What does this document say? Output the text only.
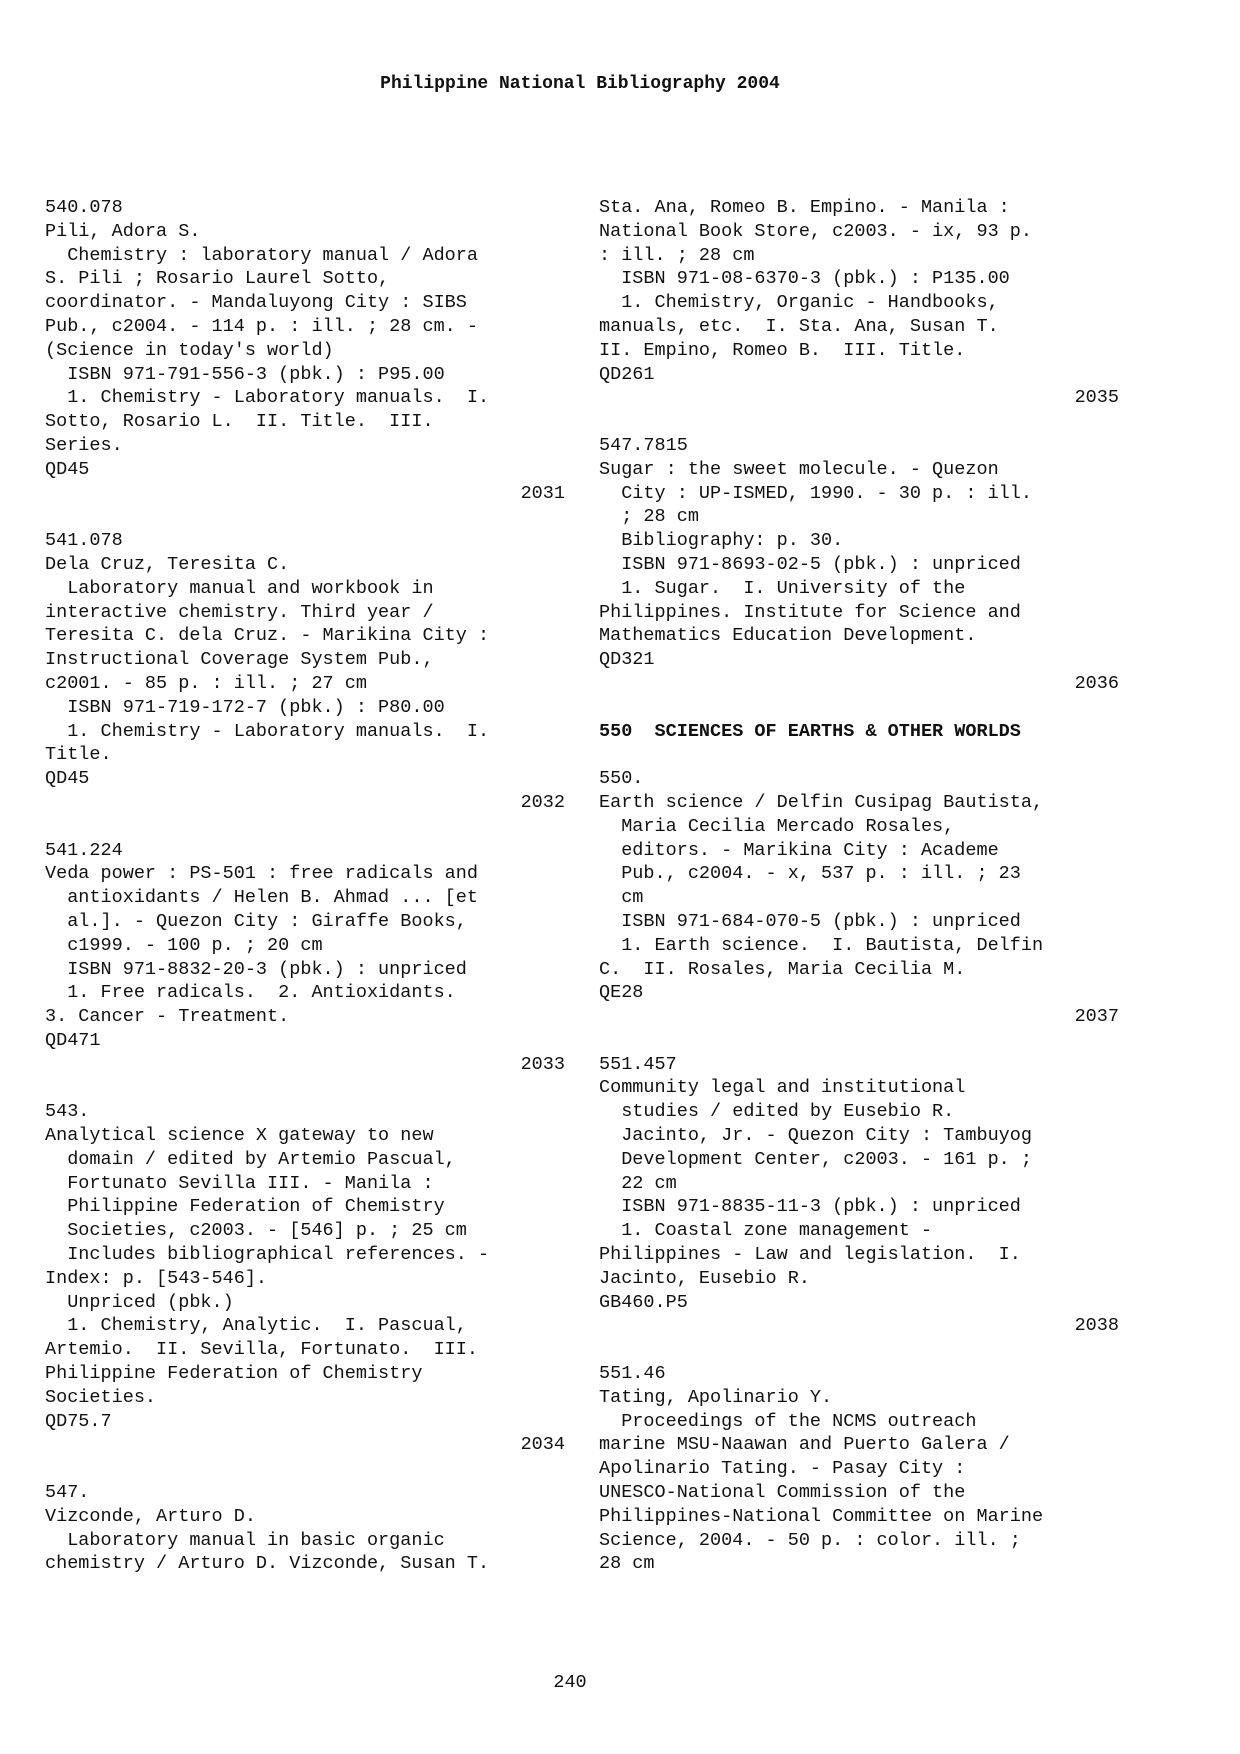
Philippine National Bibliography 2004
540.078
Pili, Adora S.
Chemistry : laboratory manual / Adora
S. Pili ; Rosario Laurel Sotto,
coordinator. - Mandaluyong City : SIBS
Pub., c2004. - 114 p. : ill. ; 28 cm. -
(Science in today's world)
ISBN 971-791-556-3 (pbk.) : P95.00
1. Chemistry - Laboratory manuals.  I.
Sotto, Rosario L.  II. Title.  III.
Series.
QD45
2031
541.078
Dela Cruz, Teresita C.
Laboratory manual and workbook in
interactive chemistry. Third year /
Teresita C. dela Cruz. - Marikina City :
Instructional Coverage System Pub.,
c2001. - 85 p. : ill. ; 27 cm
ISBN 971-719-172-7 (pbk.) : P80.00
1. Chemistry - Laboratory manuals.  I.
Title.
QD45
2032
541.224
Veda power : PS-501 : free radicals and
antioxidants / Helen B. Ahmad ... [et
al.]. - Quezon City : Giraffe Books,
c1999. - 100 p. ; 20 cm
ISBN 971-8832-20-3 (pbk.) : unpriced
1. Free radicals.  2. Antioxidants.
3. Cancer - Treatment.
QD471
2033
543.
Analytical science X gateway to new
domain / edited by Artemio Pascual,
Fortunato Sevilla III. - Manila :
Philippine Federation of Chemistry
Societies, c2003. - [546] p. ; 25 cm
Includes bibliographical references. -
Index: p. [543-546].
Unpriced (pbk.)
1. Chemistry, Analytic.  I. Pascual,
Artemio.  II. Sevilla, Fortunato.  III.
Philippine Federation of Chemistry
Societies.
QD75.7
2034
547.
Vizconde, Arturo D.
Laboratory manual in basic organic
chemistry / Arturo D. Vizconde, Susan T.
Sta. Ana, Romeo B. Empino. - Manila :
National Book Store, c2003. - ix, 93 p.
: ill. ; 28 cm
ISBN 971-08-6370-3 (pbk.) : P135.00
1. Chemistry, Organic - Handbooks,
manuals, etc.  I. Sta. Ana, Susan T.
II. Empino, Romeo B.  III. Title.
QD261
2035
547.7815
Sugar : the sweet molecule. - Quezon
City : UP-ISMED, 1990. - 30 p. : ill.
; 28 cm
Bibliography: p. 30.
ISBN 971-8693-02-5 (pbk.) : unpriced
1. Sugar.  I. University of the
Philippines. Institute for Science and
Mathematics Education Development.
QD321
2036
550  SCIENCES OF EARTHS & OTHER WORLDS
550.
Earth science / Delfin Cusipag Bautista,
Maria Cecilia Mercado Rosales,
editors. - Marikina City : Academe
Pub., c2004. - x, 537 p. : ill. ; 23
cm
ISBN 971-684-070-5 (pbk.) : unpriced
1. Earth science.  I. Bautista, Delfin
C.  II. Rosales, Maria Cecilia M.
QE28
2037
551.457
Community legal and institutional
studies / edited by Eusebio R.
Jacinto, Jr. - Quezon City : Tambuyog
Development Center, c2003. - 161 p. ;
22 cm
ISBN 971-8835-11-3 (pbk.) : unpriced
1. Coastal zone management -
Philippines - Law and legislation.  I.
Jacinto, Eusebio R.
GB460.P5
2038
551.46
Tating, Apolinario Y.
Proceedings of the NCMS outreach
marine MSU-Naawan and Puerto Galera /
Apolinario Tating. - Pasay City :
UNESCO-National Commission of the
Philippines-National Committee on Marine
Science, 2004. - 50 p. : color. ill. ;
28 cm
240
